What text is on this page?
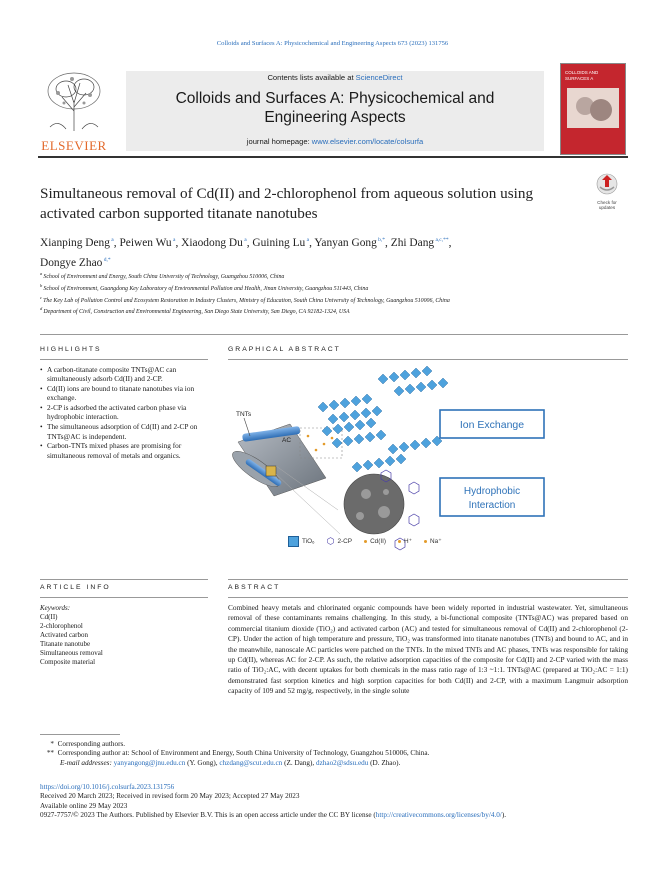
Colloids and Surfaces A: Physicochemical and Engineering Aspects 673 (2023) 131756
ELSEVIER
Contents lists available at ScienceDirect
Colloids and Surfaces A: Physicochemical and Engineering Aspects
journal homepage: www.elsevier.com/locate/colsurfa
COLLOIDS AND SURFACES A
Check for updates
Simultaneous removal of Cd(II) and 2-chlorophenol from aqueous solution using activated carbon supported titanate nanotubes
Xianping Deng $^a$, Peiwen Wu $^a$, Xiaodong Du $^a$, Guining Lu $^a$, Yanyan Gong $^{b,*}$, Zhi Dang $^{a,c,**}$,
Dongye Zhao $^{d,*}$
$^a$ School of Environment and Energy, South China University of Technology, Guangzhou 510006, China
$^b$ School of Environment, Guangdong Key Laboratory of Environmental Pollution and Health, Jinan University, Guangzhou 511443, China
$^c$ The Key Lab of Pollution Control and Ecosystem Restoration in Industry Clusters, Ministry of Education, South China University of Technology, Guangzhou 510006, China
$^d$ Department of Civil, Construction and Environmental Engineering, San Diego State University, San Diego, CA 92182-1324, USA
HIGHLIGHTS
• A carbon-titanate composite TNTs@AC can simultaneously adsorb Cd(II) and 2-CP.
• Cd(II) ions are bound to titanate nanotubes via ion exchange.
• 2-CP is adsorbed the activated carbon phase via hydrophobic interaction.
• The simultaneous adsorption of Cd(II) and 2-CP on TNTs@AC is independent.
• Carbon-TNTs mixed phases are promising for simultaneous removal of metals and organics.
GRAPHICAL ABSTRACT
TNTs
AC
Ion Exchange
Hydrophobic
Interaction
TiO₆ ⬡ 2-CP	Cd(II)	H⁺	Na⁺
ARTICLE INFO
Keywords:
Cd(II)
2-chlorophenol
Activated carbon
Titanate nanotube
Simultaneous removal
Composite material
ABSTRACT
Combined heavy metals and chlorinated organic compounds have been widely reported in industrial wastewater. Yet, simultaneous removal of these contaminants remains challenging. In this study, a bi-functional composite (TNTs@AC) was prepared based on commercial titanium dioxide (TiO₂) and activated carbon (AC) and tested for simultaneous removal of Cd(II) and 2-chlorophenol (2-CP). Under the action of high temperature and pressure, TiO₂ was transformed into titanate nanotubes (TNTs) and bound to AC, and in the meanwhile, nanoscale AC particles were patched on the TNTs. In the mixed TNTs and AC phases, TNTs was responsible for taking up Cd(II), whereas AC for 2-CP. As such, the relative adsorption capacities of the composite for Cd(II) and 2-CP varied with the mass ratio of TiO₂:AC, with decent uptakes for both chemicals in the mass ratio rage of 1:3 ~1:1. TNTs@AC (prepared at TiO₂:AC = 1:1) demonstrated fast sorption kinetics and high sorption capacities for both Cd(II) and 2-CP, with a maximum Langmuir adsorption capacity of 109 and 52 mg/g, respectively, in the single solute
* Corresponding authors.
** Corresponding author at: School of Environment and Energy, South China University of Technology, Guangzhou 510006, China.
E-mail addresses: yanyangong@jnu.edu.cn (Y. Gong), chzdang@scut.edu.cn (Z. Dang), dzhao2@sdsu.edu (D. Zhao).
https://doi.org/10.1016/j.colsurfa.2023.131756
Received 20 March 2023; Received in revised form 20 May 2023; Accepted 27 May 2023
Available online 29 May 2023
0927-7757/© 2023 The Authors. Published by Elsevier B.V. This is an open access article under the CC BY license (http://creativecommons.org/licenses/by/4.0/).
